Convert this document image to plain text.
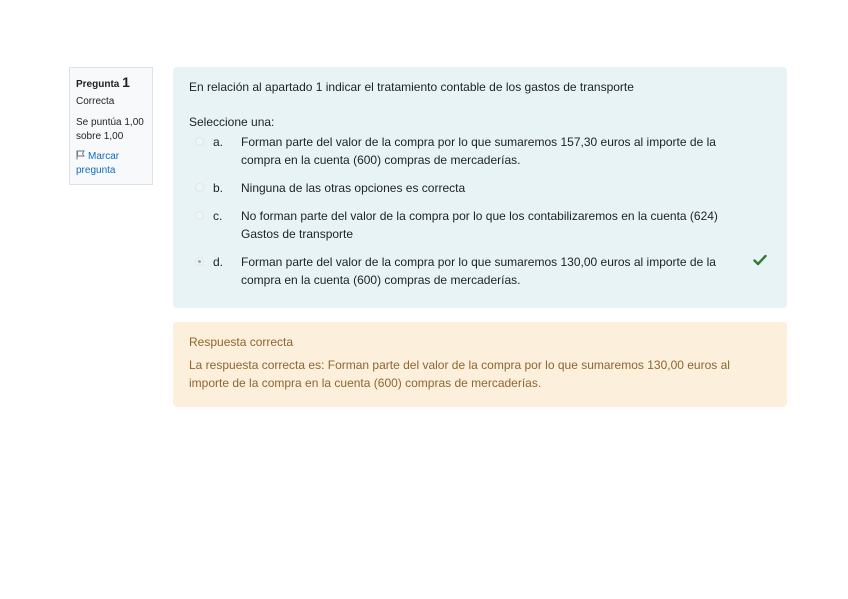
Pregunta 1
Correcta
Se puntúa 1,00 sobre 1,00
Marcar pregunta
En relación al apartado 1 indicar el tratamiento contable de los gastos de transporte
Seleccione una:
a.	Forman parte del valor de la compra por lo que sumaremos 157,30 euros al importe de la compra en la cuenta (600) compras de mercaderías.
b.	Ninguna de las otras opciones es correcta
c.	No forman parte del valor de la compra por lo que los contabilizaremos en la cuenta (624) Gastos de transporte
d.	Forman parte del valor de la compra por lo que sumaremos 130,00 euros al importe de la compra en la cuenta (600) compras de mercaderías.
Respuesta correcta
La respuesta correcta es: Forman parte del valor de la compra por lo que sumaremos 130,00 euros al importe de la compra en la cuenta (600) compras de mercaderías.
